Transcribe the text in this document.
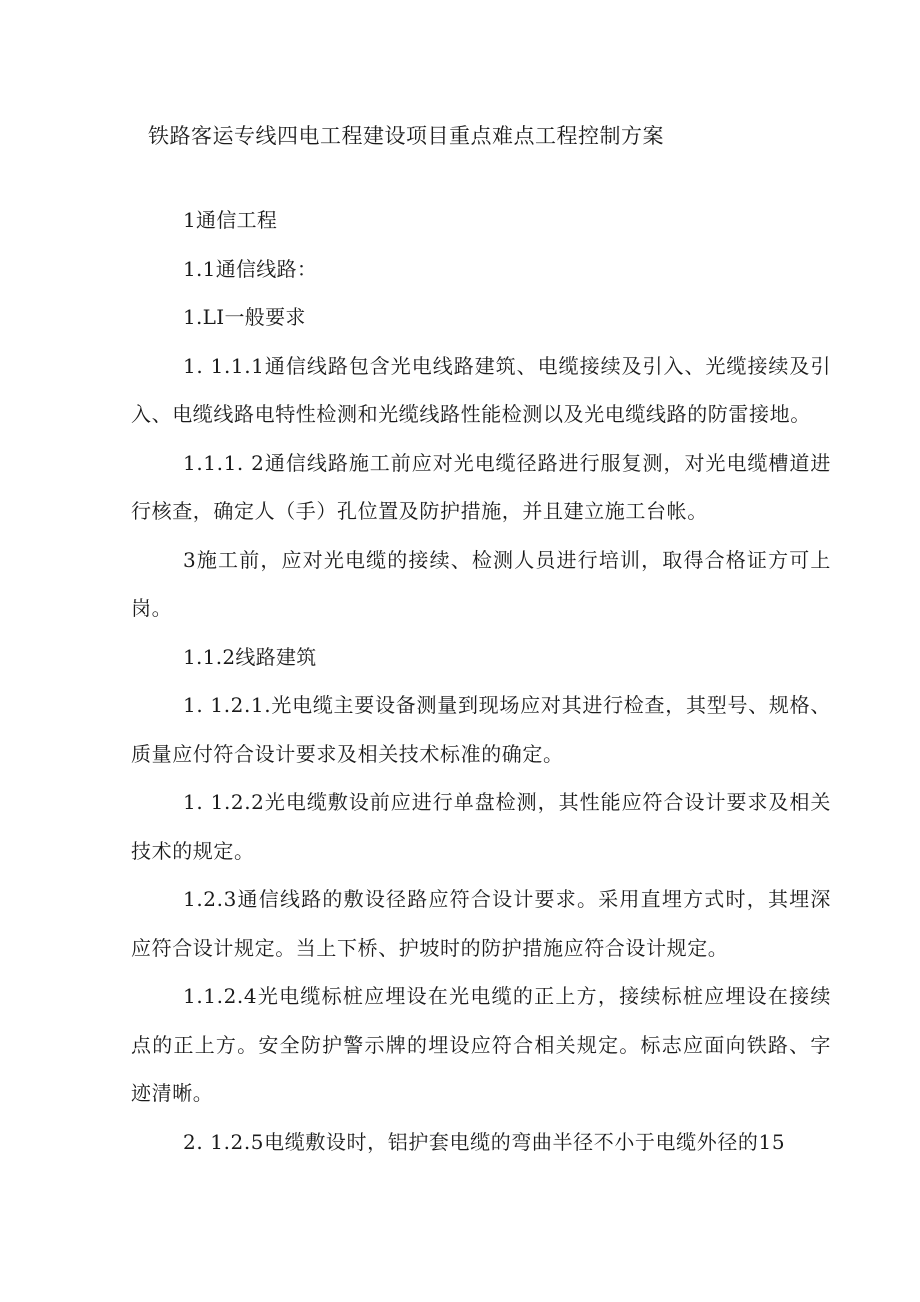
铁路客运专线四电工程建设项目重点难点工程控制方案

1通信工程

1.1通信线路：

1.LI一般要求

1. 1.1.1通信线路包含光电线路建筑、电缆接续及引入、光缆接续及引入、电缆线路电特性检测和光缆线路性能检测以及光电缆线路的防雷接地。

1.1.1. 2通信线路施工前应对光电缆径路进行服复测，对光电缆槽道进行核查，确定人（手）孔位置及防护措施，并且建立施工台帐。

3施工前，应对光电缆的接续、检测人员进行培训，取得合格证方可上岗。

1.1.2线路建筑

1. 1.2.1.光电缆主要设备测量到现场应对其进行检查，其型号、规格、质量应付符合设计要求及相关技术标准的确定。

1. 1.2.2光电缆敷设前应进行单盘检测，其性能应符合设计要求及相关技术的规定。

1.2.3通信线路的敷设径路应符合设计要求。采用直埋方式时，其埋深应符合设计规定。当上下桥、护坡时的防护措施应符合设计规定。

1.1.2.4光电缆标桩应埋设在光电缆的正上方，接续标桩应埋设在接续点的正上方。安全防护警示牌的埋设应符合相关规定。标志应面向铁路、字迹清晰。

2. 1.2.5电缆敷设时，铝护套电缆的弯曲半径不小于电缆外径的15
